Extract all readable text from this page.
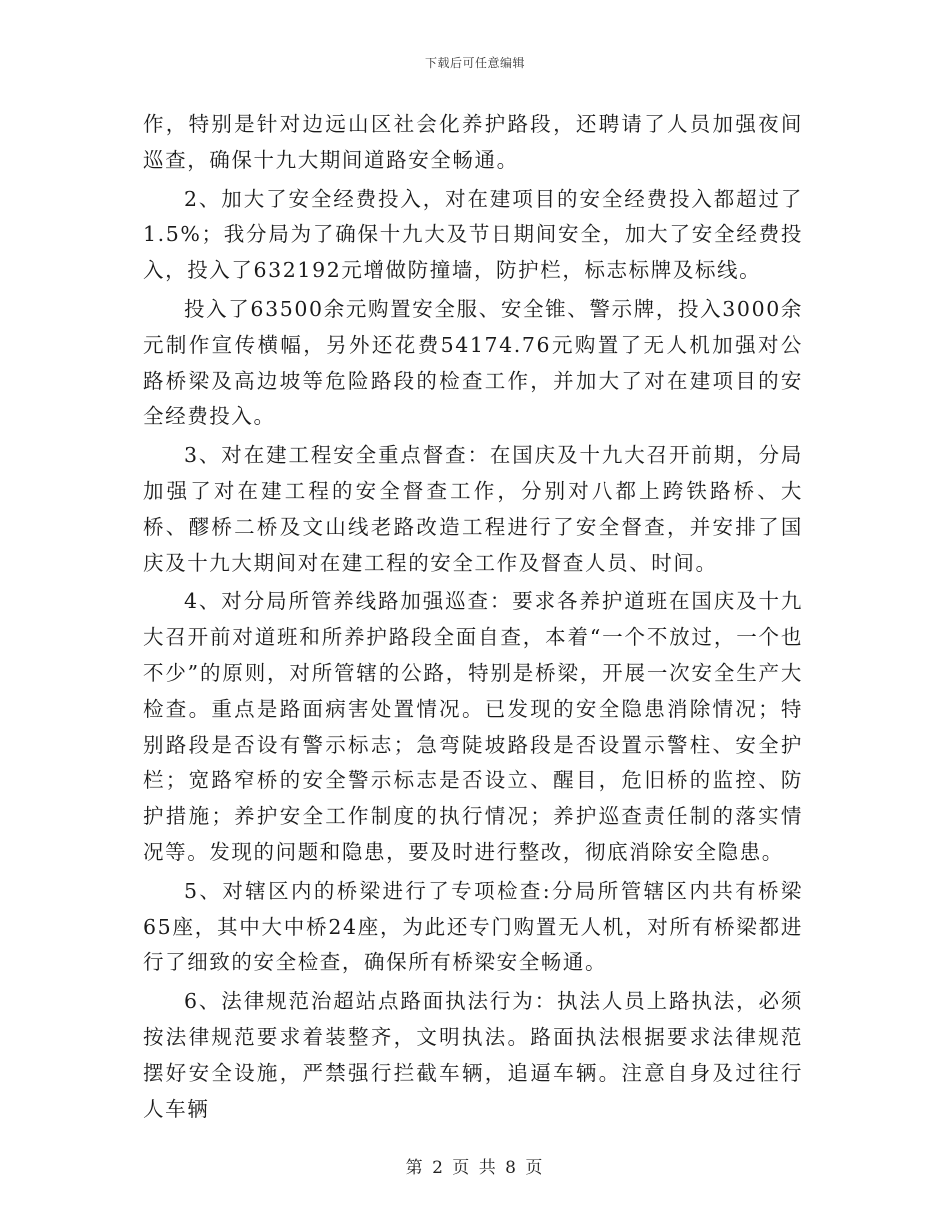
下载后可任意编辑

作，特别是针对边远山区社会化养护路段，还聘请了人员加强夜间巡查，确保十九大期间道路安全畅通。

2、加大了安全经费投入，对在建项目的安全经费投入都超过了1.5%；我分局为了确保十九大及节日期间安全，加大了安全经费投入，投入了632192元增做防撞墙，防护栏，标志标牌及标线。

投入了63500余元购置安全服、安全锥、警示牌，投入3000余元制作宣传横幅，另外还花费54174.76元购置了无人机加强对公路桥梁及高边坡等危险路段的检查工作，并加大了对在建项目的安全经费投入。

3、对在建工程安全重点督查：在国庆及十九大召开前期，分局加强了对在建工程的安全督查工作，分别对八都上跨铁路桥、大桥、醪桥二桥及文山线老路改造工程进行了安全督查，并安排了国庆及十九大期间对在建工程的安全工作及督查人员、时间。

4、对分局所管养线路加强巡查：要求各养护道班在国庆及十九大召开前对道班和所养护路段全面自查，本着“一个不放过，一个也不少”的原则，对所管辖的公路，特别是桥梁，开展一次安全生产大检查。重点是路面病害处置情况。已发现的安全隐患消除情况；特别路段是否设有警示标志；急弯陡坡路段是否设置示警柱、安全护栏；宽路窄桥的安全警示标志是否设立、醒目，危旧桥的监控、防护措施；养护安全工作制度的执行情况；养护巡查责任制的落实情况等。发现的问题和隐患，要及时进行整改，彻底消除安全隐患。

5、对辖区内的桥梁进行了专项检查:分局所管辖区内共有桥梁65座，其中大中桥24座，为此还专门购置无人机，对所有桥梁都进行了细致的安全检查，确保所有桥梁安全畅通。

6、法律规范治超站点路面执法行为：执法人员上路执法，必须按法律规范要求着装整齐，文明执法。路面执法根据要求法律规范摆好安全设施，严禁强行拦截车辆，追逼车辆。注意自身及过往行人车辆

第 2 页 共 8 页
